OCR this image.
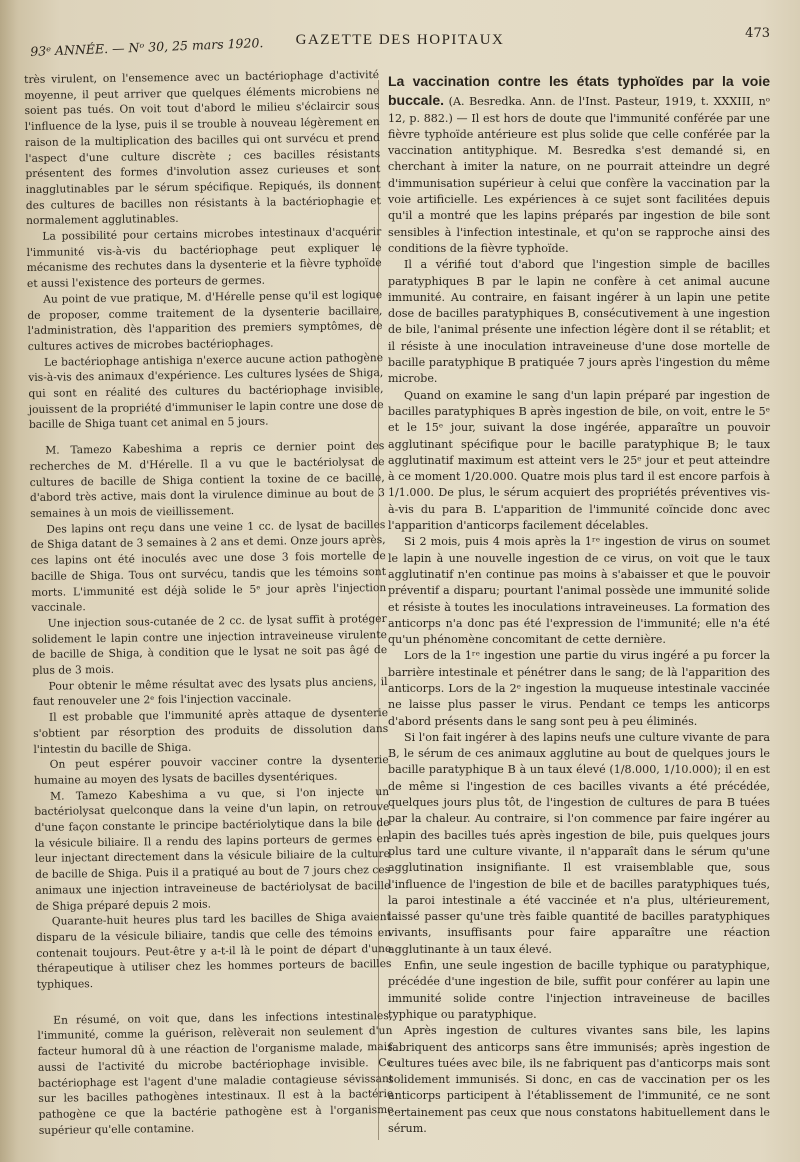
93ᵉ ANNÉE. — Nᵒ 30, 25 mars 1920.	GAZETTE DES HOPITAUX	473

très virulent, on l'ensemence avec un bactériophage d'activité moyenne, il peut arriver que quelques éléments microbiens ne soient pas tués. On voit tout d'abord le milieu s'éclaircir sous l'influence de la lyse, puis il se trouble à nouveau légèrement en raison de la multiplication des bacilles qui ont survécu et prend l'aspect d'une culture discrète ; ces bacilles résistants présentent des formes d'involution assez curieuses et sont inagglutinables par le sérum spécifique. Repiqués, ils donnent des cultures de bacilles non résistants à la bactériophagie et normalement agglutinables.

La possibilité pour certains microbes intestinaux d'acquérir l'immunité vis-à-vis du bactériophage peut expliquer le mécanisme des rechutes dans la dysenterie et la fièvre typhoïde et aussi l'existence des porteurs de germes.

Au point de vue pratique, M. d'Hérelle pense qu'il est logique de proposer, comme traitement de la dysenterie bacillaire, l'administration, dès l'apparition des premiers symptômes, de cultures actives de microbes bactériophages.

Le bactériophage antishiga n'exerce aucune action pathogène vis-à-vis des animaux d'expérience. Les cultures lysées de Shiga, qui sont en réalité des cultures du bactériophage invisible, jouissent de la propriété d'immuniser le lapin contre une dose de bacille de Shiga tuant cet animal en 5 jours.

M. Tamezo Kabeshima a repris ce dernier point des recherches de M. d'Hérelle. Il a vu que le bactériolysat de cultures de bacille de Shiga contient la toxine de ce bacille, d'abord très active, mais dont la virulence diminue au bout de 3 semaines à un mois de vieillissement.

Des lapins ont reçu dans une veine 1 cc. de lysat de bacilles de Shiga datant de 3 semaines à 2 ans et demi. Onze jours après, ces lapins ont été inoculés avec une dose 3 fois mortelle de bacille de Shiga. Tous ont survécu, tandis que les témoins sont morts. L'immunité est déjà solide le 5ᵉ jour après l'injection vaccinale.

Une injection sous-cutanée de 2 cc. de lysat suffit à protéger solidement le lapin contre une injection intraveineuse virulente de bacille de Shiga, à condition que le lysat ne soit pas âgé de plus de 3 mois.

Pour obtenir le même résultat avec des lysats plus anciens, il faut renouveler une 2ᵉ fois l'injection vaccinale.

Il est probable que l'immunité après attaque de dysenterie s'obtient par résorption des produits de dissolution dans l'intestin du bacille de Shiga.

On peut espérer pouvoir vacciner contre la dysenterie humaine au moyen des lysats de bacilles dysentériques.

M. Tamezo Kabeshima a vu que, si l'on injecte un bactériolysat quelconque dans la veine d'un lapin, on retrouve d'une façon constante le principe bactériolytique dans la bile de la vésicule biliaire. Il a rendu des lapins porteurs de germes en leur injectant directement dans la vésicule biliaire de la culture de bacille de Shiga. Puis il a pratiqué au bout de 7 jours chez ces animaux une injection intraveineuse de bactériolysat de bacille de Shiga préparé depuis 2 mois.

Quarante-huit heures plus tard les bacilles de Shiga avaient disparu de la vésicule biliaire, tandis que celle des témoins en contenait toujours. Peut-être y a-t-il là le point de départ d'une thérapeutique à utiliser chez les hommes porteurs de bacilles typhiques.

En résumé, on voit que, dans les infections intestinales, l'immunité, comme la guérison, relèverait non seulement d'un facteur humoral dû à une réaction de l'organisme malade, mais aussi de l'activité du microbe bactériophage invisible. Ce bactériophage est l'agent d'une maladie contagieuse sévissant sur les bacilles pathogènes intestinaux. Il est à la bactérie pathogène ce que la bactérie pathogène est à l'organisme supérieur qu'elle contamine.

La vaccination contre les états typhoïdes par la voie buccale. (A. Besredka. Ann. de l'Inst. Pasteur, 1919, t. XXXIII, nᵒ 12, p. 882.) — Il est hors de doute que l'immunité conférée par une fièvre typhoïde antérieure est plus solide que celle conférée par la vaccination antityphique. M. Besredka s'est demandé si, en cherchant à imiter la nature, on ne pourrait atteindre un degré d'immunisation supérieur à celui que confère la vaccination par la voie artificielle. Les expériences à ce sujet sont facilitées depuis qu'il a montré que les lapins préparés par ingestion de bile sont sensibles à l'infection intestinale, et qu'on se rapproche ainsi des conditions de la fièvre typhoïde.

Il a vérifié tout d'abord que l'ingestion simple de bacilles paratyphiques B par le lapin ne confère à cet animal aucune immunité. Au contraire, en faisant ingérer à un lapin une petite dose de bacilles paratyphiques B, consécutivement à une ingestion de bile, l'animal présente une infection légère dont il se rétablit; et il résiste à une inoculation intraveineuse d'une dose mortelle de bacille paratyphique B pratiquée 7 jours après l'ingestion du même microbe.

Quand on examine le sang d'un lapin préparé par ingestion de bacilles paratyphiques B après ingestion de bile, on voit, entre le 5ᵉ et le 15ᵉ jour, suivant la dose ingérée, apparaître un pouvoir agglutinant spécifique pour le bacille paratyphique B; le taux agglutinatif maximum est atteint vers le 25ᵉ jour et peut atteindre à ce moment 1/20.000. Quatre mois plus tard il est encore parfois à 1/1.000. De plus, le sérum acquiert des propriétés préventives vis-à-vis du para B. L'apparition de l'immunité coïncide donc avec l'apparition d'anticorps facilement décelables.

Si 2 mois, puis 4 mois après la 1ʳᵉ ingestion de virus on soumet le lapin à une nouvelle ingestion de ce virus, on voit que le taux agglutinatif n'en continue pas moins à s'abaisser et que le pouvoir préventif a disparu; pourtant l'animal possède une immunité solide et résiste à toutes les inoculations intraveineuses. La formation des anticorps n'a donc pas été l'expression de l'immunité; elle n'a été qu'un phénomène concomitant de cette dernière.

Lors de la 1ʳᵉ ingestion une partie du virus ingéré a pu forcer la barrière intestinale et pénétrer dans le sang; de là l'apparition des anticorps. Lors de la 2ᵉ ingestion la muqueuse intestinale vaccinée ne laisse plus passer le virus. Pendant ce temps les anticorps d'abord présents dans le sang sont peu à peu éliminés.

Si l'on fait ingérer à des lapins neufs une culture vivante de para B, le sérum de ces animaux agglutine au bout de quelques jours le bacille paratyphique B à un taux élevé (1/8.000, 1/10.000); il en est de même si l'ingestion de ces bacilles vivants a été précédée, quelques jours plus tôt, de l'ingestion de cultures de para B tuées par la chaleur. Au contraire, si l'on commence par faire ingérer au lapin des bacilles tués après ingestion de bile, puis quelques jours plus tard une culture vivante, il n'apparaît dans le sérum qu'une agglutination insignifiante. Il est vraisemblable que, sous l'influence de l'ingestion de bile et de bacilles paratyphiques tués, la paroi intestinale a été vaccinée et n'a plus, ultérieurement, laissé passer qu'une très faible quantité de bacilles paratyphiques vivants, insuffisants pour faire apparaître une réaction agglutinante à un taux élevé.

Enfin, une seule ingestion de bacille typhique ou paratyphique, précédée d'une ingestion de bile, suffit pour conférer au lapin une immunité solide contre l'injection intraveineuse de bacilles typhique ou paratyphique.

Après ingestion de cultures vivantes sans bile, les lapins fabriquent des anticorps sans être immunisés; après ingestion de cultures tuées avec bile, ils ne fabriquent pas d'anticorps mais sont solidement immunisés. Si donc, en cas de vaccination per os les anticorps participent à l'établissement de l'immunité, ce ne sont certainement pas ceux que nous constatons habituellement dans le sérum.
